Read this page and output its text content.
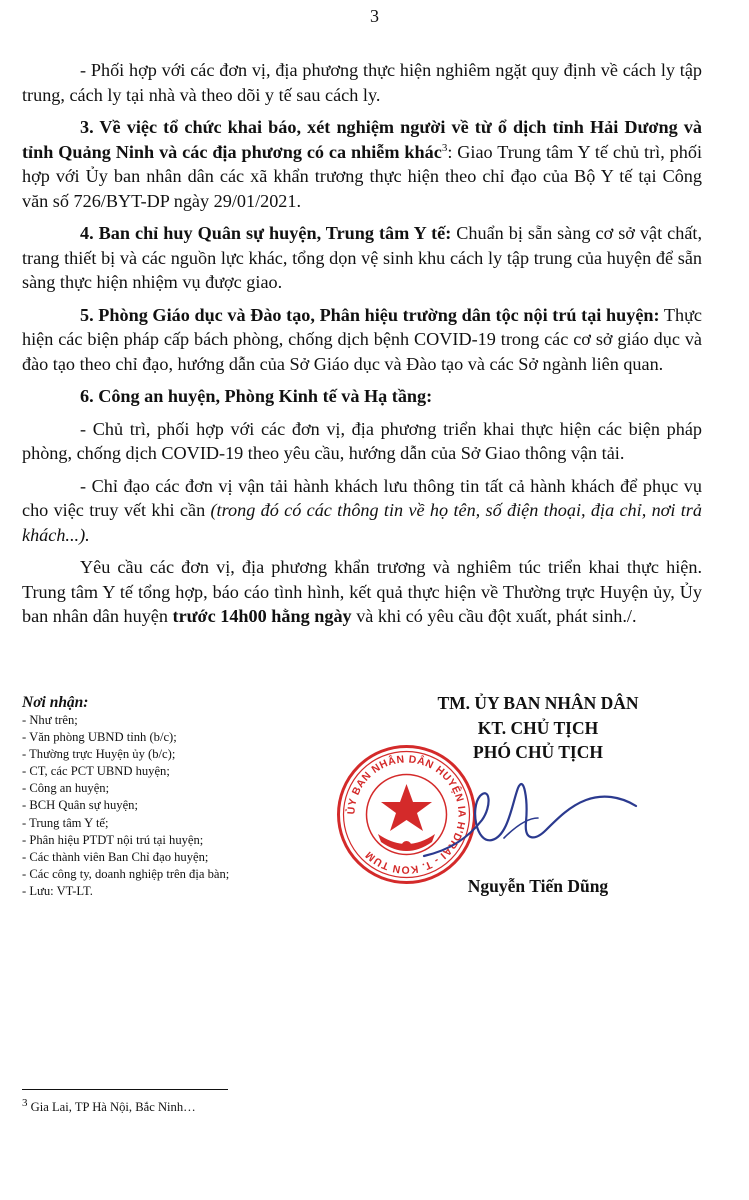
3

- Phối hợp với các đơn vị, địa phương thực hiện nghiêm ngặt quy định về cách ly tập trung, cách ly tại nhà và theo dõi y tế sau cách ly.

3. Về việc tổ chức khai báo, xét nghiệm người về từ ổ dịch tỉnh Hải Dương và tỉnh Quảng Ninh và các địa phương có ca nhiễm khác$^3$: Giao Trung tâm Y tế chủ trì, phối hợp với Ủy ban nhân dân các xã khẩn trương thực hiện theo chỉ đạo của Bộ Y tế tại Công văn số 726/BYT-DP ngày 29/01/2021.

4. Ban chỉ huy Quân sự huyện, Trung tâm Y tế: Chuẩn bị sẵn sàng cơ sở vật chất, trang thiết bị và các nguồn lực khác, tổng dọn vệ sinh khu cách ly tập trung của huyện để sẵn sàng thực hiện nhiệm vụ được giao.

5. Phòng Giáo dục và Đào tạo, Phân hiệu trường dân tộc nội trú tại huyện: Thực hiện các biện pháp cấp bách phòng, chống dịch bệnh COVID-19 trong các cơ sở giáo dục và đào tạo theo chỉ đạo, hướng dẫn của Sở Giáo dục và Đào tạo và các Sở ngành liên quan.

6. Công an huyện, Phòng Kinh tế và Hạ tầng:

- Chủ trì, phối hợp với các đơn vị, địa phương triển khai thực hiện các biện pháp phòng, chống dịch COVID-19 theo yêu cầu, hướng dẫn của Sở Giao thông vận tải.

- Chỉ đạo các đơn vị vận tải hành khách lưu thông tin tất cả hành khách để phục vụ cho việc truy vết khi cần (trong đó có các thông tin về họ tên, số điện thoại, địa chỉ, nơi trả khách...).

Yêu cầu các đơn vị, địa phương khẩn trương và nghiêm túc triển khai thực hiện. Trung tâm Y tế tổng hợp, báo cáo tình hình, kết quả thực hiện về Thường trực Huyện ủy, Ủy ban nhân dân huyện trước 14h00 hằng ngày và khi có yêu cầu đột xuất, phát sinh./.

Nơi nhận:
- Như trên;
- Văn phòng UBND tỉnh (b/c);
- Thường trực Huyện ủy (b/c);
- CT, các PCT UBND huyện;
- Công an huyện;
- BCH Quân sự huyện;
- Trung tâm Y tế;
- Phân hiệu PTDT nội trú tại huyện;
- Các thành viên Ban Chỉ đạo huyện;
- Các công ty, doanh nghiệp trên địa bàn;
- Lưu: VT-LT.
TM. ỦY BAN NHÂN DÂN
KT. CHỦ TỊCH
PHÓ CHỦ TỊCH
ỦY BAN NHÂN DÂN HUYỆN IA H'DRAI - T. KON TUM
Nguyễn Tiến Dũng
$^3$ Gia Lai, TP Hà Nội, Bắc Ninh…
